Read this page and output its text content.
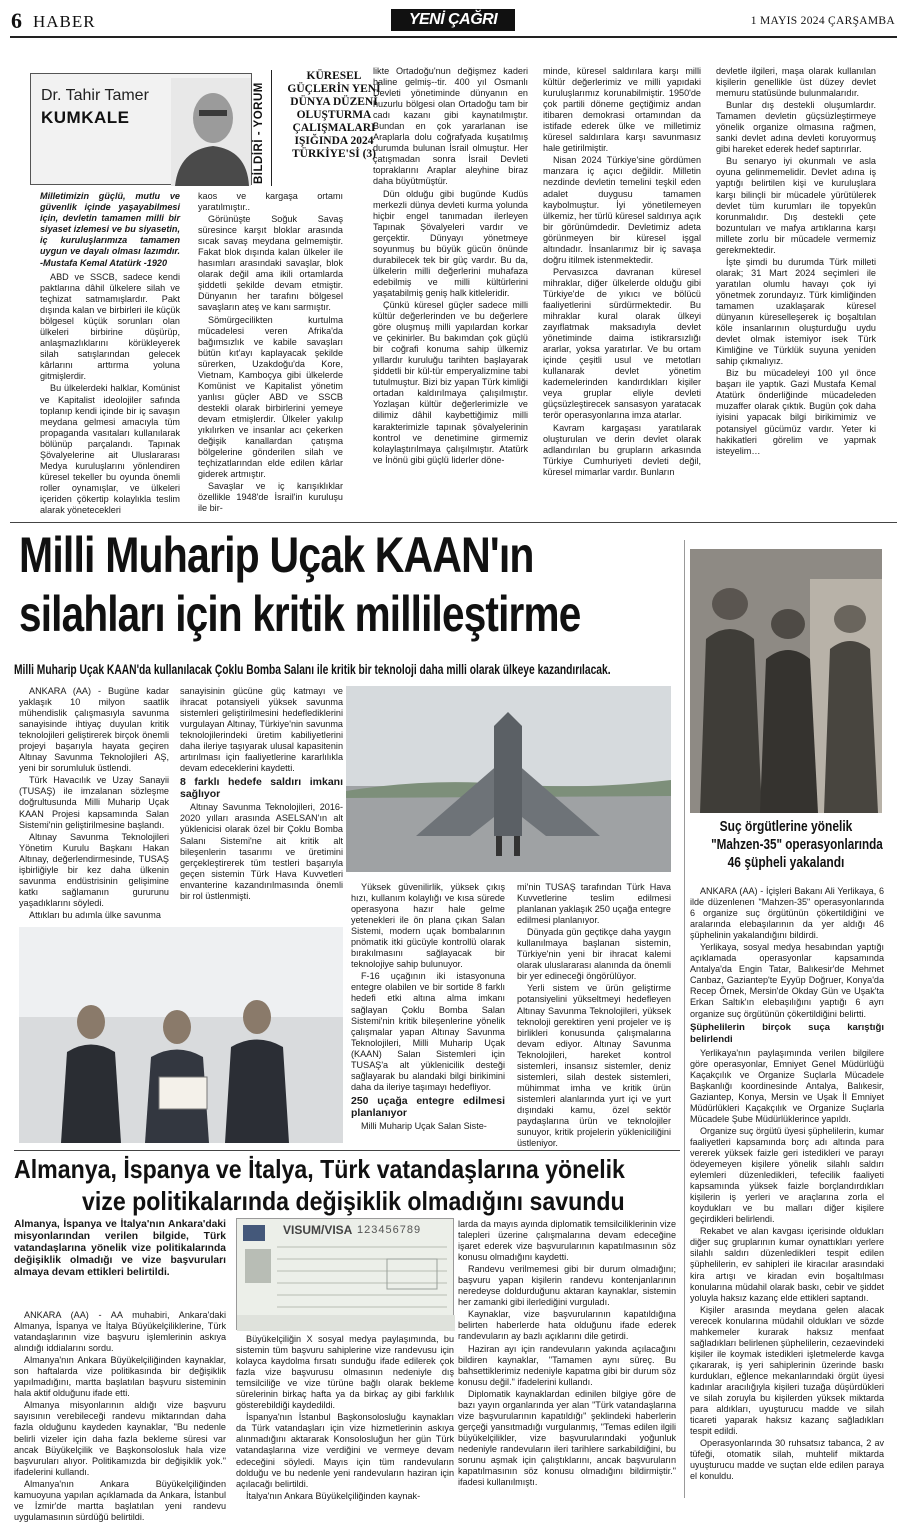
6 HABER	YENİ ÇAĞRI	1 MAYIS 2024 ÇARŞAMBA
Dr. Tahir Tamer
KUMKALE	BİLDİRİ - YORUM
KÜRESEL
GÜÇLERİN YENİ
DÜNYA DÜZENİ
OLUŞTURMA
ÇALIŞMALARI
IŞIĞINDA 2024
TÜRKİYE'Sİ (3)
Milletimizin güçlü, mutlu ve güvenlik içinde yaşayabilmesi için, devletin tamamen milli bir siyaset izlemesi ve bu siyasetin, iç kuruluşlarımıza tamamen uygun ve dayalı olması lazımdır. -Mustafa Kemal Atatürk -1920

ABD ve SSCB, sadece kendi paktlarına dâhil ülkelere silah ve teçhizat satmamışlardır. Pakt dışında kalan ve birbirleri ile küçük bölgesel küçük sorunları olan ülkeleri birbirine düşürüp, anlaşmazlıklarını körükleyerek silah satışlarından gelecek kârlarını arttırma yoluna gitmişlerdir.

Bu ülkelerdeki halklar, Komünist ve Kapitalist ideolojiler safında toplanıp kendi içinde bir iç savaşın meydana gelmesi amacıyla tüm propaganda vasıtaları kullanılarak bölünüp parçalandı. Tapınak Şövalyelerine ait Uluslararası Medya kuruluşlarını yönlendiren küresel tekeller bu oyunda önemli roller oynamışlar, ve ülkeleri içeriden çökertip kolaylıkla teslim alarak yönetecekleri

kaos ve kargaşa ortamı yaratılmıştır..

Görünüşte Soğuk Savaş süresince karşıt bloklar arasında sıcak savaş meydana gelmemiştir. Fakat blok dışında kalan ülkeler ile hasımları arasındaki savaşlar, blok olarak değil ama ikili ortamlarda şiddetli şekilde devam etmiştir. Dünyanın her tarafını bölgesel savaşların ateş ve kanı sarmıştır.

Sömürgecilikten kurtulma mücadelesi veren Afrika'da bağımsızlık ve kabile savaşları bütün kıt'ayı kaplayacak şekilde sürerken, Uzakdoğu'da Kore, Vietnam, Kamboçya gibi ülkelerde Komünist ve Kapitalist yönetim yanlısı güçler ABD ve SSCB destekli olarak birbirlerini yemeye devam etmişlerdir. Ülkeler yakılıp yıkılırken ve insanlar acı çekerken değişik kanallardan çatışma bölgelerine gönderilen silah ve teçhizatlarından elde edilen kârlar giderek artmıştır.

Savaşlar ve iç karışıklıklar özellikle 1948'de İsrail'in kuruluşu ile bir-

likte Ortadoğu'nun değişmez kaderi haline gelmiş--tir. 400 yıl Osmanlı Devleti yönetiminde dünyanın en huzurlu bölgesi olan Ortadoğu tam bir cadı kazanı gibi kaynatılmıştır. Bundan en çok yararlanan ise Araplarla dolu coğrafyada kuşatılmış durumda bulunan İsrail olmuştur. Her çatışmadan sonra İsrail Devleti topraklarını Araplar aleyhine biraz daha büyütmüştür.

Dün olduğu gibi bugünde Kudüs merkezli dünya devleti kurma yolunda hiçbir engel tanımadan ilerleyen Tapınak Şövalyeleri vardır ve gerçektir. Dünyayı yönetmeye soyunmuş bu büyük gücün önünde durabilecek tek bir güç vardır. Bu da, ülkelerin milli değerlerini muhafaza edebilmiş ve milli kültürlerini yaşatabilmiş geniş halk kitleleridir.

Çünkü küresel güçler sadece milli kültür değerlerinden ve bu değerlere göre oluşmuş milli yapılardan korkar ve çekinirler. Bu bakımdan çok güçlü bir coğrafi konuma sahip ülkemiz yıllardır kuruluğu tarihten başlayarak şiddetli bir kül-tür emperyalizmine tabi tutulmuştur. Bizi biz yapan Türk kimliği ortadan kaldırılmaya çalışılmıştır. Yozlaşan kültür değerlerimizle ve dilimiz dâhil kaybettiğimiz milli karakterimizle tapınak şövalyelerinin kontrol ve denetimine girmemiz kolaylaştırılmaya çalışılmıştır. Atatürk ve İnönü gibi güçlü liderler döne-

minde, küresel saldırılara karşı milli kültür değerlerimiz ve milli yapıdaki kuruluşlarımız korunabilmiştir. 1950'de çok partili döneme geçtiğimiz andan itibaren demokrasi ortamından da istifade ederek ülke ve milletimiz küresel saldırılara karşı savunmasız hale getirilmiştir.

Nisan 2024 Türkiye'sine gördümen manzara iç açıcı değildir. Milletin nezdinde devletin temelini teşkil eden adalet duygusu tamamen kaybolmuştur. İyi yönetilemeyen ülkemiz, her türlü küresel saldırıya açık bir görünümdedir. Devletimiz adeta görünmeyen bir küresel işgal altındadır. İnsanlarımız bir iç savaşa doğru itilmek istenmektedir.

Pervasızca davranan küresel mihraklar, diğer ülkelerde olduğu gibi Türkiye'de de yıkıcı ve bölücü faaliyetlerini sürdürmektedir. Bu mihraklar kural olarak ülkeyi zayıflatmak maksadıyla devlet yönetiminde daima istikrarsızlığı ararlar, yoksa yaratırlar. Ve bu ortam içinde çeşitli usul ve metotları kullanarak devlet yönetim kademelerinden kandırdıkları kişiler veya gruplar eliyle devleti güçsüzleştirecek sansasyon yaratacak terör operasyonlarına imza atarlar.

Kavram kargaşası yaratılarak oluşturulan ve derin devlet olarak adlandırılan bu grupların arkasında Türkiye Cumhuriyeti devleti değil, küresel mimarlar vardır. Bunların

devletle ilgileri, maşa olarak kullanılan kişilerin genellikle üst düzey devlet memuru statüsünde bulunmalarıdır.

Bunlar dış destekli oluşumlardır. Tamamen devletin güçsüzleştirmeye yönelik organize olmasına rağmen, sanki devlet adına devleti koruyormuş gibi hareket ederek hedef saptırırlar.

Bu senaryo iyi okunmalı ve asla oyuna gelinmemelidir. Devlet adına iş yaptığı belirtilen kişi ve kuruluşlara karşı bilinçli bir mücadele yürütülerek devlet tüm kurumları ile topyekûn korunmalıdır. Dış destekli çete bozuntuları ve mafya artıklarına karşı millete zorlu bir mücadele vermemiz gerekmektedir.

İşte şimdi bu durumda Türk milleti olarak; 31 Mart 2024 seçimleri ile yaratılan olumlu havayı çok iyi yönetmek zorundayız. Türk kimliğinden tamamen uzaklaşarak küresel dünyanın küreselleşerek iç boşaltılan köle insanlarının oluşturduğu uydu devlet olmak istemiyor isek Türk Kimliğine ve Türklük suyuna yeniden sahip çıkmalıyız.

Biz bu mücadeleyi 100 yıl önce başarı ile yaptık. Gazi Mustafa Kemal Atatürk önderliğinde mücadeleden muzaffer olarak çıktık. Bugün çok daha iyisini yapacak bilgi birikimimiz ve potansiyel gücümüz vardır. Yeter ki hakikatleri görelim ve yapmak isteyelim…

Milli Muharip Uçak KAAN'ın
silahları için kritik millileştirme
Milli Muharip Uçak KAAN'da kullanılacak Çoklu Bomba Salanı ile kritik bir teknoloji daha milli olarak ülkeye kazandırılacak.

ANKARA (AA) - Bugüne kadar yaklaşık 10 milyon saatlik mühendislik çalışmasıyla savunma sanayisinde ihtiyaç duyulan kritik teknolojileri geliştirerek birçok önemli projeyi başarıyla hayata geçiren Altınay Savunma Teknolojileri AŞ, yeni bir sorumluluk üstlendi.

Türk Havacılık ve Uzay Sanayii (TUSAŞ) ile imzalanan sözleşme doğrultusunda Milli Muharip Uçak KAAN Projesi kapsamında Salan Sistemi'nin geliştirilmesine başlandı.

Altınay Savunma Teknolojileri Yönetim Kurulu Başkanı Hakan Altınay, değerlendirmesinde, TUSAŞ işbirliğiyle bir kez daha ülkenin savunma endüstrisinin gelişimine katkı sağlamanın gururunu yaşadıklarını söyledi.

Attıkları bu adımla ülke savunma

sanayisinin gücüne güç katmayı ve ihracat potansiyeli yüksek savunma sistemleri geliştirilmesini hedeflediklerini vurgulayan Altınay, Türkiye'nin savunma teknolojilerindeki üretim kabiliyetlerini daha ileriye taşıyarak ulusal kapasitenin artırılması için faaliyetlerine kararlılıkla devam edeceklerini kaydetti.

8 farklı hedefe saldırı imkanı sağlıyor

Altınay Savunma Teknolojileri, 2016-2020 yılları arasında ASELSAN'ın alt yüklenicisi olarak özel bir Çoklu Bomba Salanı Sistemi'ne ait kritik alt bileşenlerin tasarımı ve üretimini gerçekleştirerek tüm testleri başarıyla geçen sistemin Türk Hava Kuvvetleri envanterine kazandırılmasında önemli bir rol üstlenmişti.

Yüksek güvenilirlik, yüksek çıkış hızı, kullanım kolaylığı ve kısa sürede operasyona hazır hale gelme yetenekleri ile ön plana çıkan Salan Sistemi, modern uçak bombalarının pnömatik itki gücüyle kontrollü olarak bırakılmasını sağlayacak bir teknolojiye sahip bulunuyor.

F-16 uçağının iki istasyonuna entegre olabilen ve bir sortide 8 farklı hedefi etki altına alma imkanı sağlayan Çoklu Bomba Salan Sistemi'nin kritik bileşenlerine yönelik çalışmalar yapan Altınay Savunma Teknolojileri, Milli Muharip Uçak (KAAN) Salan Sistemleri için TUSAŞ'a alt yüklenicilik desteği sağlayarak bu alandaki bilgi birikimini daha da ileriye taşımayı hedefliyor.

250 uçağa entegre edilmesi planlanıyor

Milli Muharip Uçak Salan Siste-

mi'nin TUSAŞ tarafından Türk Hava Kuvvetlerine teslim edilmesi planlanan yaklaşık 250 uçağa entegre edilmesi planlanıyor.

Dünyada gün geçtikçe daha yaygın kullanılmaya başlanan sistemin, Türkiye'nin yeni bir ihracat kalemi olarak uluslararası alanında da önemli bir yer edineceği öngörülüyor.

Yerli sistem ve ürün geliştirme potansiyelini yükseltmeyi hedefleyen Altınay Savunma Teknolojileri, yüksek teknoloji gerektiren yeni projeler ve iş birlikleri konusunda çalışmalarına devam ediyor. Altınay Savunma Teknolojileri, hareket kontrol sistemleri, insansız sistemler, deniz sistemleri, silah destek sistemleri, mühimmat imha ve kritik ürün sistemleri alanlarında yurt içi ve yurt dışındaki kamu, özel sektör paydaşlarına ürün ve teknolojiler sunuyor, kritik projelerin yükleniciliğini üstleniyor.

Suç örgütlerine yönelik
"Mahzen-35" operasyonlarında
46 şüpheli yakalandı

ANKARA (AA) - İçişleri Bakanı Ali Yerlikaya, 6 ilde düzenlenen "Mahzen-35" operasyonlarında 6 organize suç örgütünün çökertildiğini ve aralarında elebaşılarının da yer aldığı 46 şüphelinin yakalandığını bildirdi.

Yerlikaya, sosyal medya hesabından yaptığı açıklamada operasyonlar kapsamında Antalya'da Engin Tatar, Balıkesir'de Mehmet Canbaz, Gaziantep'te Eyyüp Doğruer, Konya'da Recep Örnek, Mersin'de Okday Gün ve Uşak'ta Erkan Saltık'ın elebaşılığını yaptığı 6 ayrı organize suç örgütünün çökertildiğini belirtti.

Şüphelilerin birçok suça karıştığı belirlendi

Yerlikaya'nın paylaşımında verilen bilgilere göre operasyonlar, Emniyet Genel Müdürlüğü Kaçakçılık ve Organize Suçlarla Mücadele Başkanlığı koordinesinde Antalya, Balıkesir, Gaziantep, Konya, Mersin ve Uşak İl Emniyet Müdürlükleri Kaçakçılık ve Organize Suçlarla Mücadele Şube Müdürlüklerince yapıldı.

Organize suç örgütü üyesi şüphelilerin, kumar faaliyetleri kapsamında borç adı altında para vererek yüksek faizle geri istedikleri ve parayı ödeyemeyen kişilere yönelik silahlı saldırı eylemleri düzenledikleri, tefecilik faaliyeti kapsamında yüksek faizle borçlandırdıkları kişilerin iş yerleri ve araçlarına zorla el koydukları ve bu malları diğer kişilere geçirdikleri belirlendi.

Rekabet ve alan kavgası içerisinde oldukları diğer suç gruplarının kumar oynattıkları yerlere silahlı saldırı düzenledikleri tespit edilen şüphelilerin, ev sahipleri ile kiracılar arasındaki kira artışı ve kiradan evin boşaltılması konularına müdahil olarak baskı, cebir ve şiddet yoluyla haksız kazanç elde ettikleri saptandı.

Kişiler arasında meydana gelen alacak verecek konularına müdahil oldukları ve sözde mahkemeler kurarak haksız menfaat sağladıkları belirlenen şüphelilerin, cezaevindeki kişiler ile koymak istedikleri işletmelerde kavga çıkararak, iş yeri sahiplerinin üzerinde baskı kurdukları, eğlence mekanlarındaki örgüt üyesi kadınlar aracılığıyla kişileri tuzağa düşürdükleri ve silah zoruyla bu kişilerden yüksek miktarda para aldıkları, uyuşturucu madde ve silah ticareti yaparak haksız kazanç sağladıkları tespit edildi.

Operasyonlarında 30 ruhsatsız tabanca, 2 av tüfeği, otomatik silah, muhtelif miktarda uyuşturucu madde ve suçtan elde edilen paraya el konuldu.

Almanya, İspanya ve İtalya, Türk vatandaşlarına yönelik
vize politikalarında değişiklik olmadığını savundu
Almanya, İspanya ve İtalya'nın Ankara'daki misyonlarından verilen bilgide, Türk vatandaşlarına yönelik vize politikalarında değişiklik olmadığı ve vize başvuruları almaya devam ettikleri belirtildi.

ANKARA (AA) - AA muhabiri, Ankara'daki Almanya, İspanya ve İtalya Büyükelçiliklerine, Türk vatandaşlarının vize başvuru işlemlerinin askıya alındığı iddialarını sordu.

Almanya'nın Ankara Büyükelçiliğinden kaynaklar, son haftalarda vize politikasında bir değişiklik yapılmadığını, martta başlatılan başvuru sisteminin hala aktif olduğunu ifade etti.

Almanya misyonlarının aldığı vize başvuru sayısının verebileceği randevu miktarından daha fazla olduğunu kaydeden kaynaklar, "Bu nedenle belirli vizeler için daha fazla bekleme süresi var ancak Büyükelçilik ve Başkonsolosluk hala vize başvuruları alıyor. Politikamızda bir değişiklik yok." ifadelerini kullandı.

Almanya'nın Ankara Büyükelçiliğinden kamuoyuna yapılan açıklamada da Ankara, İstanbul ve İzmir'de martta başlatılan yeni randevu uygulamasının sürdüğü belirtildi.

VISUM/VISA 123456789

Büyükelçiliğin X sosyal medya paylaşımında, bu sistemin tüm başvuru sahiplerine vize randevusu için kolayca kaydolma fırsatı sunduğu ifade edilerek çok fazla vize başvurusu olmasının nedeniyle dış temsilciliğe ve vize türüne bağlı olarak bekleme sürelerinin birkaç hafta ya da birkaç ay gibi farklılık gösterebildiği kaydedildi.

İspanya'nın İstanbul Başkonsolosluğu kaynakları da Türk vatandaşları için vize hizmetlerinin askıya alınmadığını aktararak Konsolosluğun her gün Türk vatandaşlarına vize verdiğini ve vermeye devam edeceğini söyledi. Mayıs için tüm randevuların dolduğu ve bu nedenle yeni randevuların haziran için açılacağı belirtildi.

İtalya'nın Ankara Büyükelçiliğinden kaynak-

larda da mayıs ayında diplomatik temsilciliklerinin vize talepleri üzerine çalışmalarına devam edeceğine işaret ederek vize başvurularının kapatılmasının söz konusu olmadığını kaydetti.

Randevu verilmemesi gibi bir durum olmadığını; başvuru yapan kişilerin randevu kontenjanlarının neredeyse doldurduğunu aktaran kaynaklar, sistemin her zamanki gibi ilerlediğini vurguladı.

Kaynaklar, vize başvurularının kapatıldığına belirten haberlerde hata olduğunu ifade ederek randevuların ay bazlı açıklarını dile getirdi.

Haziran ayı için randevuların yakında açılacağını bildiren kaynaklar, "Tamamen aynı süreç. Bu bahsettiklerimiz nedeniyle kapatma gibi bir durum söz konusu değil." ifadelerini kullandı.

Diplomatik kaynaklardan edinilen bilgiye göre de bazı yayın organlarında yer alan "Türk vatandaşlarına vize başvurularının kapatıldığı" şeklindeki haberlerin gerçeği yansıtmadığı vurgulanmış, "Temas edilen ilgili büyükelçilikler, vize başvurularındaki yoğunluk nedeniyle randevuların ileri tarihlere sarkabildiğini, bu sorunu aşmak için çalıştıklarını, ancak başvuruların kapatılmasının söz konusu olmadığını bildirmiştir." ifadesi kullanılmıştı.
